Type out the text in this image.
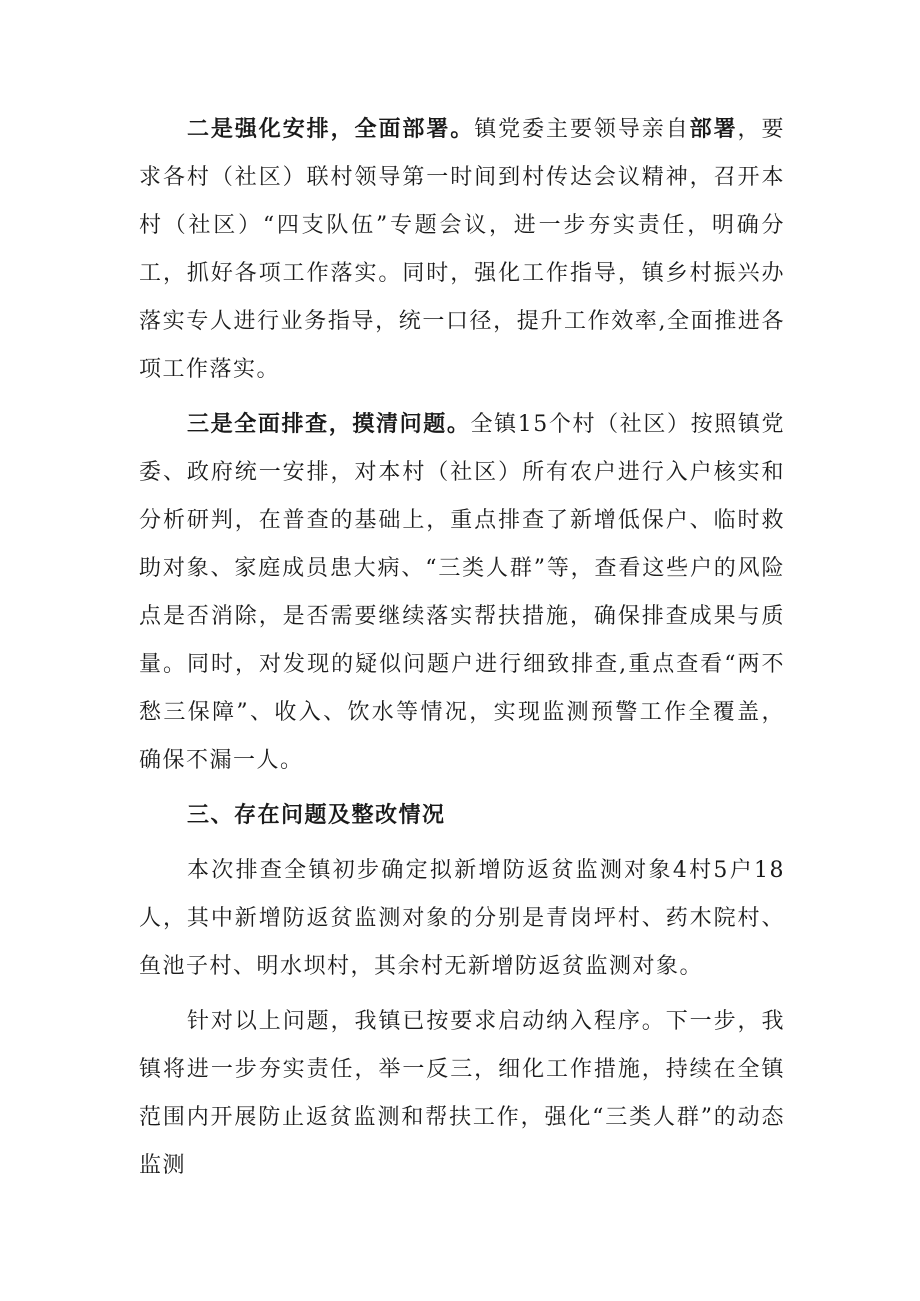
二是强化安排，全面部署。镇党委主要领导亲自部署，要求各村（社区）联村领导第一时间到村传达会议精神，召开本村（社区）“四支队伍”专题会议，进一步夯实责任，明确分工，抓好各项工作落实。同时，强化工作指导，镇乡村振兴办落实专人进行业务指导，统一口径，提升工作效率,全面推进各项工作落实。

三是全面排查，摸清问题。全镇15个村（社区）按照镇党委、政府统一安排，对本村（社区）所有农户进行入户核实和分析研判，在普查的基础上，重点排查了新增低保户、临时救助对象、家庭成员患大病、“三类人群”等，查看这些户的风险点是否消除，是否需要继续落实帮扶措施，确保排查成果与质量。同时，对发现的疑似问题户进行细致排查,重点查看“两不愁三保障”、收入、饮水等情况，实现监测预警工作全覆盖，确保不漏一人。

三、存在问题及整改情况

本次排查全镇初步确定拟新增防返贫监测对象4村5户18人，其中新增防返贫监测对象的分别是青岗坪村、药木院村、鱼池子村、明水坝村，其余村无新增防返贫监测对象。

针对以上问题，我镇已按要求启动纳入程序。下一步，我镇将进一步夯实责任，举一反三，细化工作措施，持续在全镇范围内开展防止返贫监测和帮扶工作，强化“三类人群”的动态监测
